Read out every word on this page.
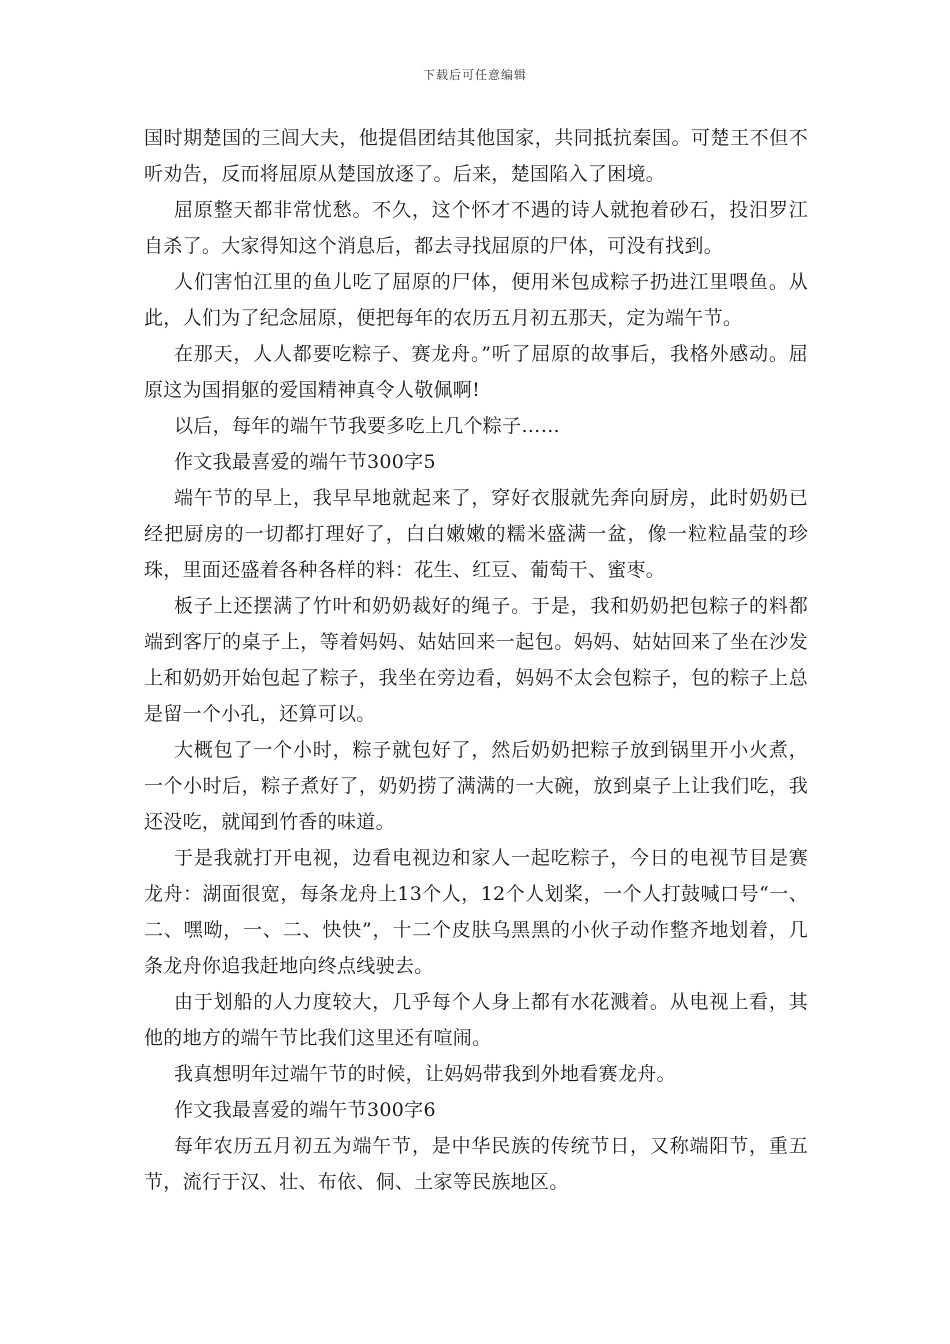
下载后可任意编辑

国时期楚国的三闾大夫，他提倡团结其他国家，共同抵抗秦国。可楚王不但不听劝告，反而将屈原从楚国放逐了。后来，楚国陷入了困境。

屈原整天都非常忧愁。不久，这个怀才不遇的诗人就抱着砂石，投汨罗江自杀了。大家得知这个消息后，都去寻找屈原的尸体，可没有找到。

人们害怕江里的鱼儿吃了屈原的尸体，便用米包成粽子扔进江里喂鱼。从此，人们为了纪念屈原，便把每年的农历五月初五那天，定为端午节。

在那天，人人都要吃粽子、赛龙舟。”听了屈原的故事后，我格外感动。屈原这为国捐躯的爱国精神真令人敬佩啊!

以后，每年的端午节我要多吃上几个粽子……

作文我最喜爱的端午节300字5

端午节的早上，我早早地就起来了，穿好衣服就先奔向厨房，此时奶奶已经把厨房的一切都打理好了，白白嫩嫩的糯米盛满一盆，像一粒粒晶莹的珍珠，里面还盛着各种各样的料：花生、红豆、葡萄干、蜜枣。

板子上还摆满了竹叶和奶奶裁好的绳子。于是，我和奶奶把包粽子的料都端到客厅的桌子上，等着妈妈、姑姑回来一起包。妈妈、姑姑回来了坐在沙发上和奶奶开始包起了粽子，我坐在旁边看，妈妈不太会包粽子，包的粽子上总是留一个小孔，还算可以。

大概包了一个小时，粽子就包好了，然后奶奶把粽子放到锅里开小火煮，一个小时后，粽子煮好了，奶奶捞了满满的一大碗，放到桌子上让我们吃，我还没吃，就闻到竹香的味道。

于是我就打开电视，边看电视边和家人一起吃粽子，今日的电视节目是赛龙舟：湖面很宽，每条龙舟上13个人，12个人划桨，一个人打鼓喊口号“一、二、嘿呦，一、二、快快”，十二个皮肤乌黑黑的小伙子动作整齐地划着，几条龙舟你追我赶地向终点线驶去。

由于划船的人力度较大，几乎每个人身上都有水花溅着。从电视上看，其他的地方的端午节比我们这里还有喧闹。

我真想明年过端午节的时候，让妈妈带我到外地看赛龙舟。

作文我最喜爱的端午节300字6

每年农历五月初五为端午节，是中华民族的传统节日，又称端阳节，重五节，流行于汉、壮、布依、侗、土家等民族地区。
